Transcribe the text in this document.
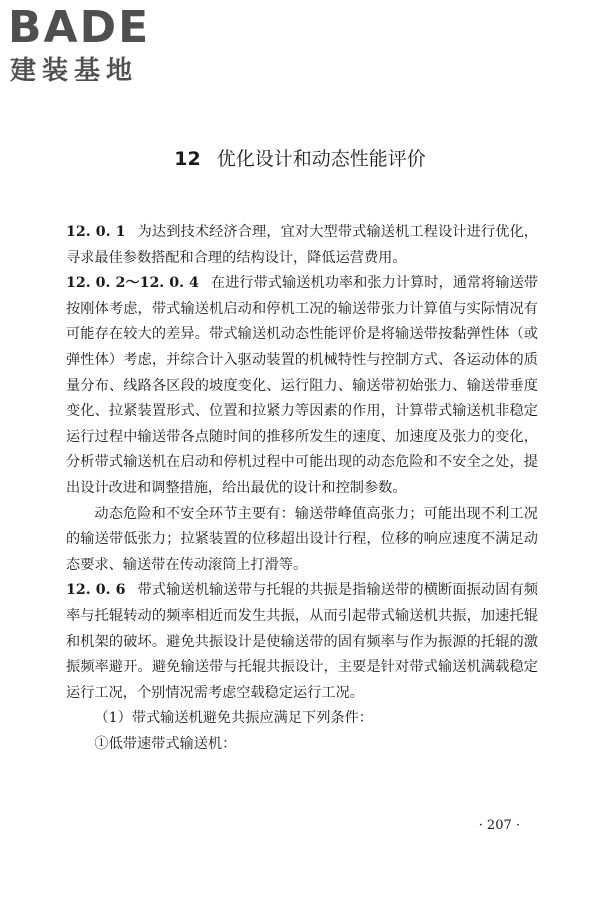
BADE
建装基地
12 优化设计和动态性能评价

12. 0. 1 为达到技术经济合理，宜对大型带式输送机工程设计进行优化，寻求最佳参数搭配和合理的结构设计，降低运营费用。

12. 0. 2～12. 0. 4 在进行带式输送机功率和张力计算时，通常将输送带按刚体考虑，带式输送机启动和停机工况的输送带张力计算值与实际情况有可能存在较大的差异。带式输送机动态性能评价是将输送带按黏弹性体（或弹性体）考虑，并综合计入驱动装置的机械特性与控制方式、各运动体的质量分布、线路各区段的坡度变化、运行阻力、输送带初始张力、输送带垂度变化、拉紧装置形式、位置和拉紧力等因素的作用，计算带式输送机非稳定运行过程中输送带各点随时间的推移所发生的速度、加速度及张力的变化，分析带式输送机在启动和停机过程中可能出现的动态危险和不安全之处，提出设计改进和调整措施，给出最优的设计和控制参数。

动态危险和不安全环节主要有：输送带峰值高张力；可能出现不利工况的输送带低张力；拉紧装置的位移超出设计行程，位移的响应速度不满足动态要求、输送带在传动滚筒上打滑等。

12. 0. 6 带式输送机输送带与托辊的共振是指输送带的横断面振动固有频率与托辊转动的频率相近而发生共振，从而引起带式输送机共振，加速托辊和机架的破坏。避免共振设计是使输送带的固有频率与作为振源的托辊的激振频率避开。避免输送带与托辊共振设计，主要是针对带式输送机满载稳定运行工况，个别情况需考虑空载稳定运行工况。

（1）带式输送机避免共振应满足下列条件：

①低带速带式输送机：

· 207 ·
